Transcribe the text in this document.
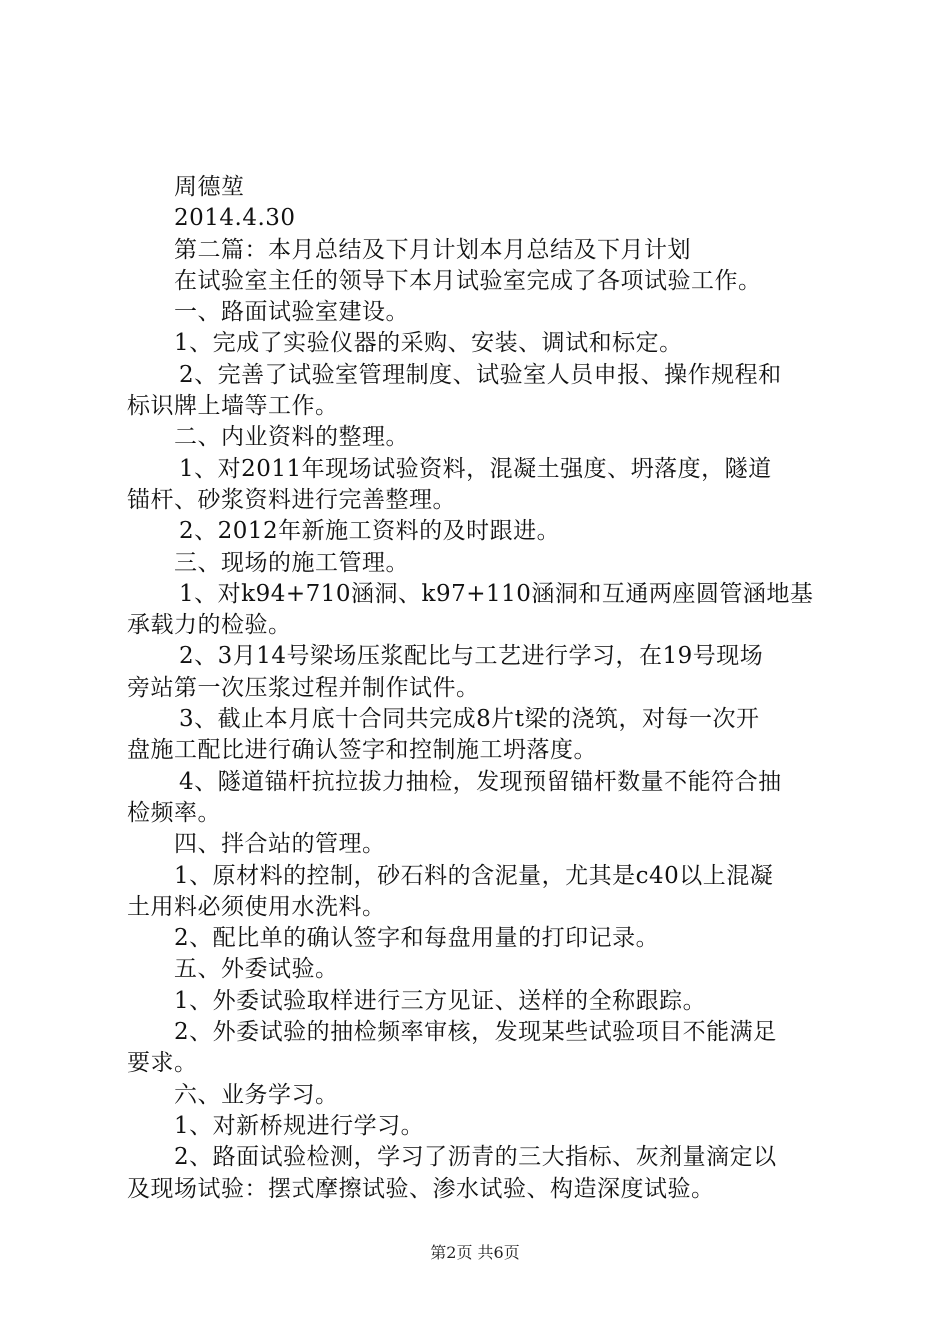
周德堃
2014.4.30
第二篇：本月总结及下月计划本月总结及下月计划
在试验室主任的领导下本月试验室完成了各项试验工作。
一、路面试验室建设。
1、完成了实验仪器的采购、安装、调试和标定。
2、完善了试验室管理制度、试验室人员申报、操作规程和
标识牌上墙等工作。
二、内业资料的整理。
1、对2011年现场试验资料，混凝土强度、坍落度，隧道
锚杆、砂浆资料进行完善整理。
2、2012年新施工资料的及时跟进。
三、现场的施工管理。
1、对k94+710涵洞、k97+110涵洞和互通两座圆管涵地基
承载力的检验。
2、3月14号梁场压浆配比与工艺进行学习，在19号现场
旁站第一次压浆过程并制作试件。
3、截止本月底十合同共完成8片t梁的浇筑，对每一次开
盘施工配比进行确认签字和控制施工坍落度。
4、隧道锚杆抗拉拔力抽检，发现预留锚杆数量不能符合抽
检频率。
四、拌合站的管理。
1、原材料的控制，砂石料的含泥量，尤其是c40以上混凝
土用料必须使用水洗料。
2、配比单的确认签字和每盘用量的打印记录。
五、外委试验。
1、外委试验取样进行三方见证、送样的全称跟踪。
2、外委试验的抽检频率审核，发现某些试验项目不能满足
要求。
六、业务学习。
1、对新桥规进行学习。
2、路面试验检测，学习了沥青的三大指标、灰剂量滴定以
及现场试验：摆式摩擦试验、渗水试验、构造深度试验。
第2页 共6页
